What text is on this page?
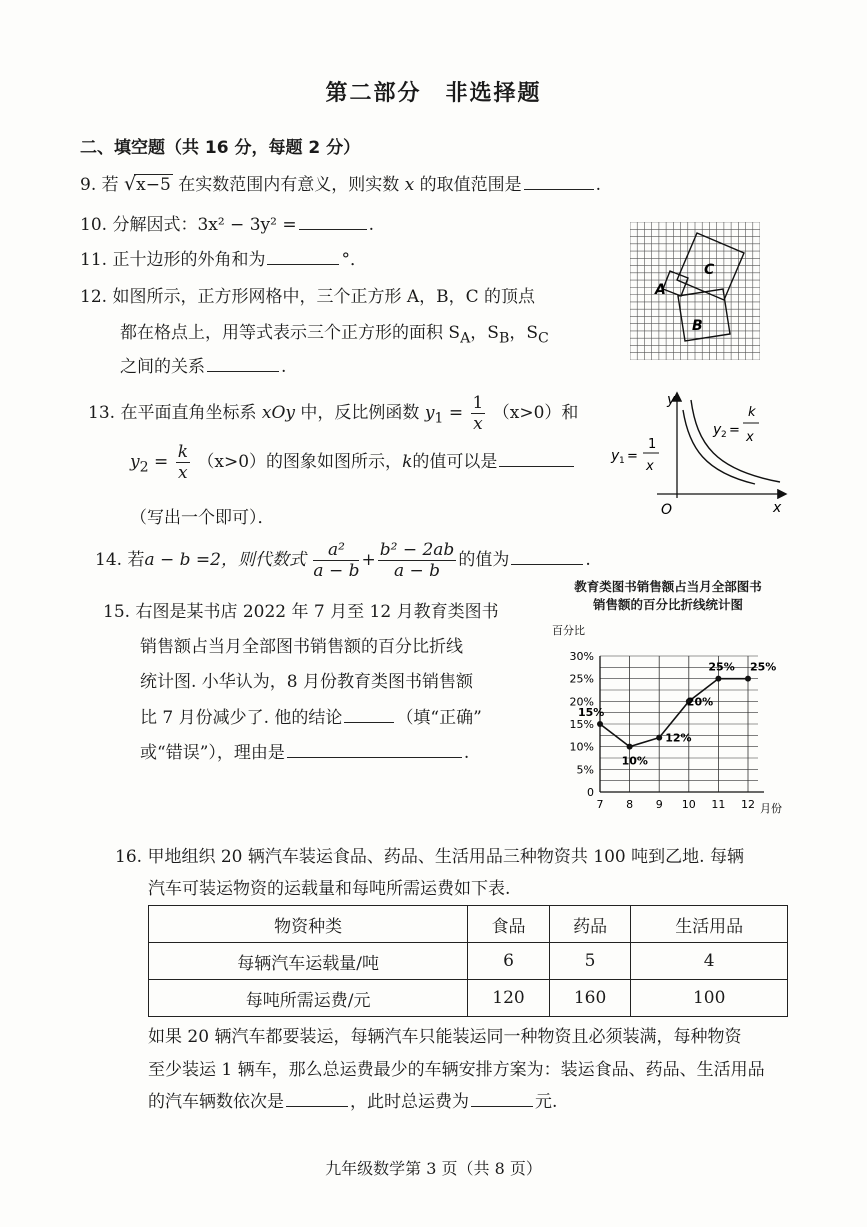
第二部分　非选择题
二、填空题（共 16 分，每题 2 分）
9. 若 √x−5 在实数范围内有意义，则实数 x 的取值范围是	.
10. 分解因式：3x² − 3y² =	.
11. 正十边形的外角和为	°．
12. 如图所示，正方形网格中，三个正方形 A，B，C 的顶点
都在格点上，用等式表示三个正方形的面积 $S_A$，$S_B$，$S_C$
之间的关系	.
A
B
C
13. 在平面直角坐标系 xOy 中，反比例函数 $y_1 = \frac{1}{x} (x>0)$和
$y_2 = \frac{k}{x} (x>0)$的图象如图所示，k的值可以是
（写出一个即可）．
y
x
O
y 1 =
1
x
y 2 =
k
x
14. 若a − b =2，则代数式 $\frac{\text{a²}}{a - b} + \frac{\text{b² − 2ab}}{a - b}$ 的值为	.
15. 右图是某书店 2022 年 7 月至 12 月教育类图书
销售额占当月全部图书销售额的百分比折线
统计图. 小华认为，8 月份教育类图书销售额
比 7 月份减少了. 他的结论	（填“正确”
或“错误”），理由是	.
教育类图书销售额占当月全部图书
销售额的百分比折线统计图
0
5%
10%
15%
20%
25%
30%
7 8 9 10 11 12
百分比
月份
15%
10%
12%
20%
25% 25%
16. 甲地组织 20 辆汽车装运食品、药品、生活用品三种物资共 100 吨到乙地. 每辆
汽车可装运物资的运载量和每吨所需运费如下表.
物资种类	食品	药品	生活用品
每辆汽车运载量/吨	6	5	4
每吨所需运费/元	120	160	100
如果 20 辆汽车都要装运，每辆汽车只能装运同一种物资且必须装满，每种物资
至少装运 1 辆车，那么总运费最少的车辆安排方案为：装运食品、药品、生活用品
的汽车辆数依次是	，此时总运费为	元.
九年级数学第 3 页（共 8 页）
